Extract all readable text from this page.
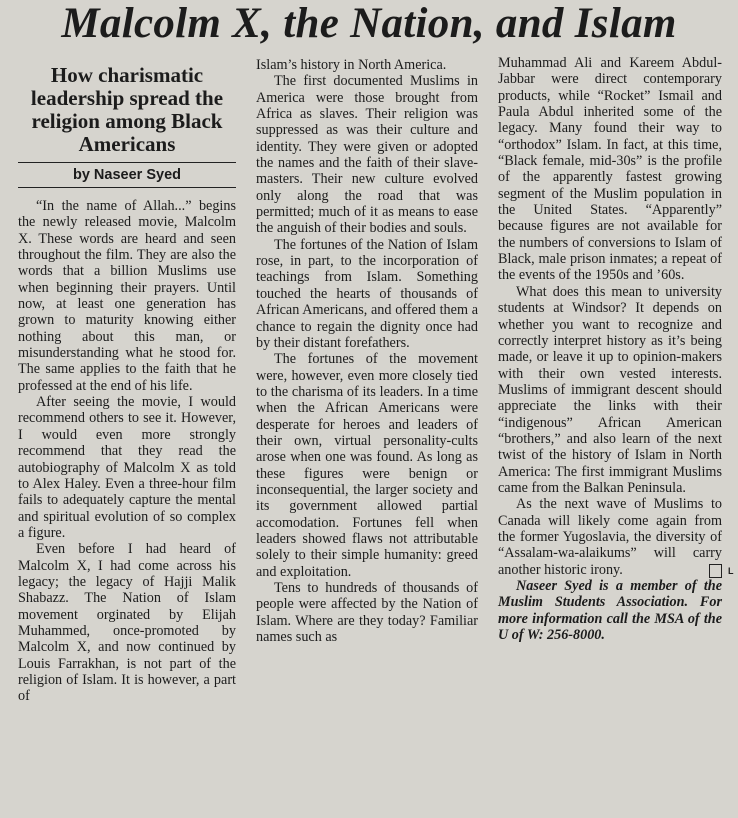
Malcolm X, the Nation, and Islam
How charismatic leadership spread the religion among Black Americans
by Naseer Syed

“In the name of Allah...” begins the newly released movie, Malcolm X. These words are heard and seen throughout the film. They are also the words that a billion Muslims use when beginning their prayers. Until now, at least one generation has grown to maturity knowing either nothing about this man, or misunderstanding what he stood for. The same applies to the faith that he professed at the end of his life.

After seeing the movie, I would recommend others to see it. However, I would even more strongly recommend that they read the autobiography of Malcolm X as told to Alex Haley. Even a three-hour film fails to adequately capture the mental and spiritual evolution of so complex a figure.

Even before I had heard of Malcolm X, I had come across his legacy; the legacy of Hajji Malik Shabazz. The Nation of Islam movement orginated by Elijah Muhammed, once-promoted by Malcolm X, and now continued by Louis Farrakhan, is not part of the religion of Islam. It is however, a part of

Islam’s history in North America.

The first documented Muslims in America were those brought from Africa as slaves. Their religion was suppressed as was their culture and identity. They were given or adopted the names and the faith of their slave-masters. Their new culture evolved only along the road that was permitted; much of it as means to ease the anguish of their bodies and souls.

The fortunes of the Nation of Islam rose, in part, to the incorporation of teachings from Islam. Something touched the hearts of thousands of African Americans, and offered them a chance to regain the dignity once had by their distant forefathers.

The fortunes of the movement were, however, even more closely tied to the charisma of its leaders. In a time when the African Americans were desperate for heroes and leaders of their own, virtual personality-cults arose when one was found. As long as these figures were benign or inconsequential, the larger society and its government allowed partial accomodation. Fortunes fell when leaders showed flaws not attributable solely to their simple humanity: greed and exploitation.

Tens to hundreds of thousands of people were affected by the Nation of Islam. Where are they today? Familiar names such as

Muhammad Ali and Kareem Abdul-Jabbar were direct contemporary products, while “Rocket” Ismail and Paula Abdul inherited some of the legacy. Many found their way to “orthodox” Islam. In fact, at this time, “Black female, mid-30s” is the profile of the apparently fastest growing segment of the Muslim population in the United States. “Apparently” because figures are not available for the numbers of conversions to Islam of Black, male prison inmates; a repeat of the events of the 1950s and ’60s.

What does this mean to university students at Windsor? It depends on whether you want to recognize and correctly interpret history as it’s being made, or leave it up to opinion-makers with their own vested interests. Muslims of immigrant descent should appreciate the links with their “indigenous” African American “brothers,” and also learn of the next twist of the history of Islam in North America: The first immigrant Muslims came from the Balkan Peninsula.

As the next wave of Muslims to Canada will likely come again from the former Yugoslavia, the diversity of “Assalam-wa-alaikums” will carry another historic irony.	L

Naseer Syed is a member of the Muslim Students Association. For more information call the MSA of the U of W: 256-8000.
